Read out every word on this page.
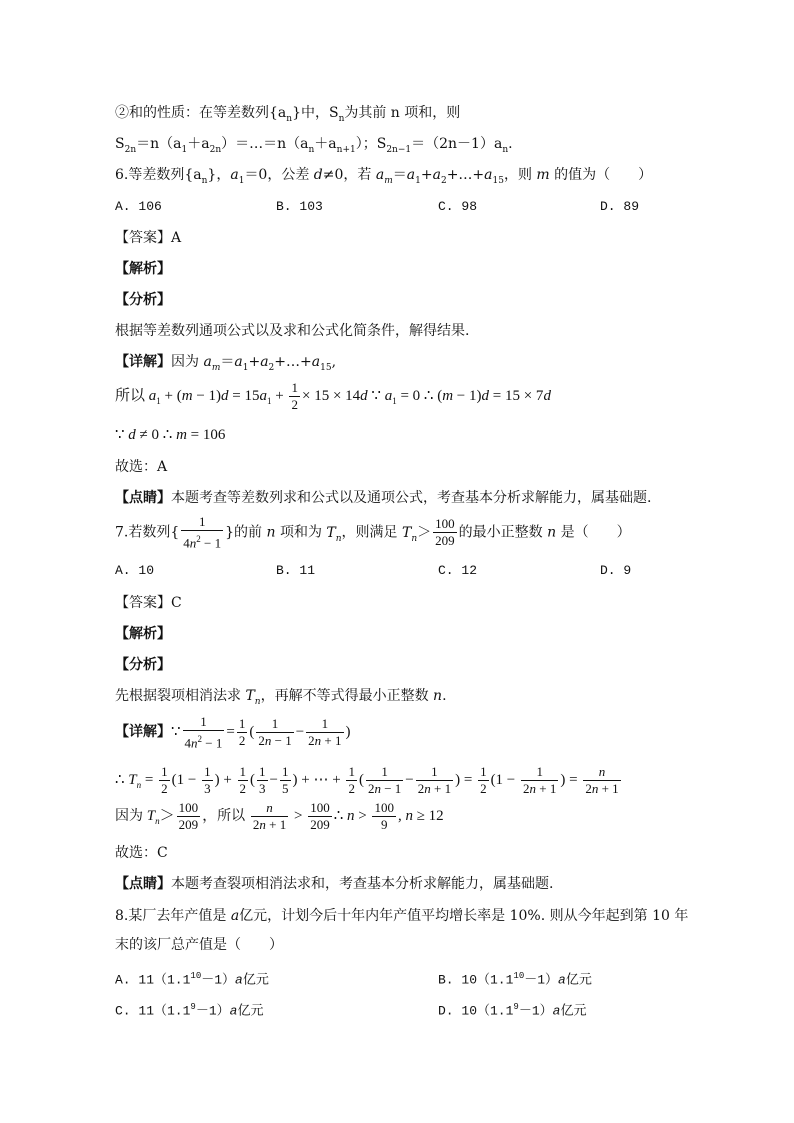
②和的性质：在等差数列$\{a_n\}$中，$S_n$为其前 n 项和，则
$S_{2n}=n(a_1+a_{2n})=\dots=n(a_n+a_{n+1})$；$S_{2n-1}=(2n-1)a_n$.
6.等差数列$\{a_n\}$，$a_1=0$，公差 d≠0，若 $a_m=a_1+a_2+\dots+a_{15}$，则 m 的值为（　　）
A. 106	B. 103	C. 98	D. 89
【答案】A
【解析】
【分析】
根据等差数列通项公式以及求和公式化简条件，解得结果.
【详解】因为 $a_m=a_1+a_2+\dots+a_{15}$,
所以 $a_1 + (m - 1)d = 15a_1 + \frac{1}{2} \times 15 \times 14d$ ∵ $a_1 = 0$ ∴ (m − 1)d = 15 × 7d
∵ d ≠ 0 ∴ m = 106
故选：A
【点睛】本题考查等差数列求和公式以及通项公式，考查基本分析求解能力，属基础题.
7.若数列{ $\frac{1}{4n^2 - 1}$ }的前 n 项和为 $T_n$，则满足 $T_n> \frac{100}{209}$ 的最小正整数 n 是（　　）
A. 10	B. 11	C. 12	D. 9
【答案】C
【解析】
【分析】
先根据裂项相消法求 $T_n$，再解不等式得最小正整数 n.
【详解】∵ $\frac{1}{4n^2 - 1} = \frac{1}{2}$ ( $\frac{1}{2n - 1} - \frac{1}{2n + 1}$ )
∴ $T_n = \frac{1}{2} (1 - \frac{1}{3}$ ) + $\frac{1}{2}$ ( $\frac{1}{3} - \frac{1}{5}$ ) + ⋯ + $\frac{1}{2}$ ( $\frac{1}{2n - 1} - \frac{1}{2n + 1}$ ) = $\frac{1}{2} (1 - \frac{1}{2n + 1}$ ) = $\frac{n}{2n + 1}$
因为 $T_n> \frac{100}{209}$ ，所以 $\frac{n}{2n + 1} > \frac{100}{209}$ ∴ $n > \frac{100}{9}$ , n ≥ 12
故选：C
【点睛】本题考查裂项相消法求和，考查基本分析求解能力，属基础题.
8.某厂去年产值是 a亿元，计划今后十年内年产值平均增长率是 10%. 则从今年起到第 10 年
末的该厂总产值是（　　）
A. $11(1.1^{10}-1)a$亿元	B. $10(1.1^{10}-1)a$亿元
C. $11(1.1^9-1)a$亿元	D. $10(1.1^9-1)a$亿元
